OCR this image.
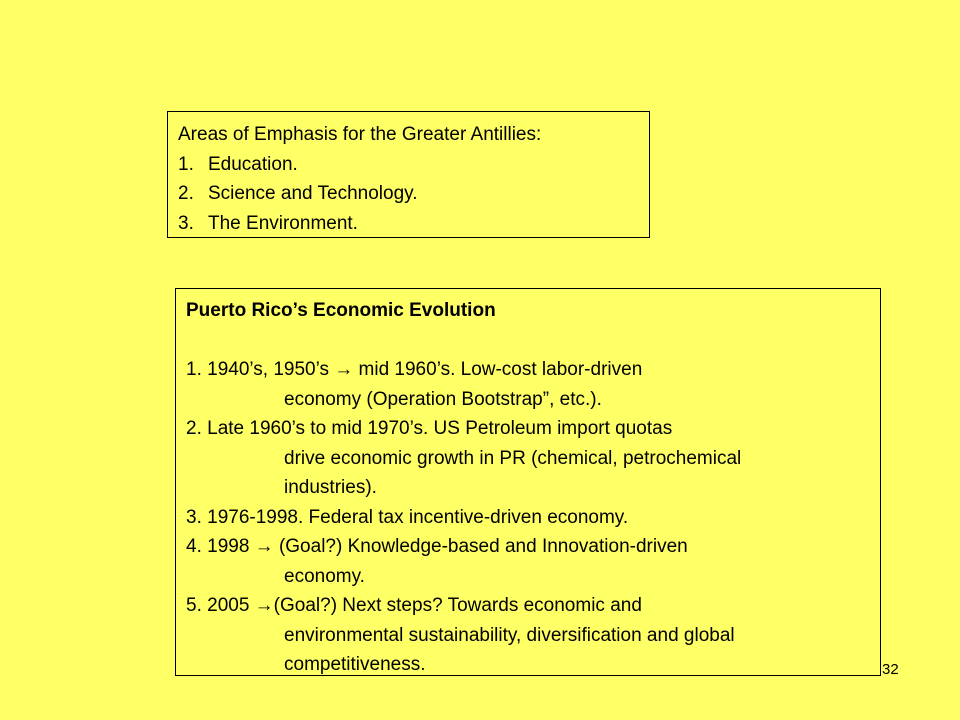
Areas of Emphasis for the Greater Antillies:
1. Education.
2. Science and Technology.
3. The Environment.
Puerto Rico’s Economic Evolution
1. 1940’s, 1950’s → mid 1960’s. Low-cost labor-driven
economy (Operation Bootstrap”, etc.).
2. Late 1960’s to mid 1970’s. US Petroleum import quotas
drive economic growth in PR (chemical, petrochemical
industries).
3. 1976-1998. Federal tax incentive-driven economy.
4. 1998 → (Goal?) Knowledge-based and Innovation-driven
economy.
5. 2005 →(Goal?) Next steps? Towards economic and
environmental sustainability, diversification and global
competitiveness.	32
